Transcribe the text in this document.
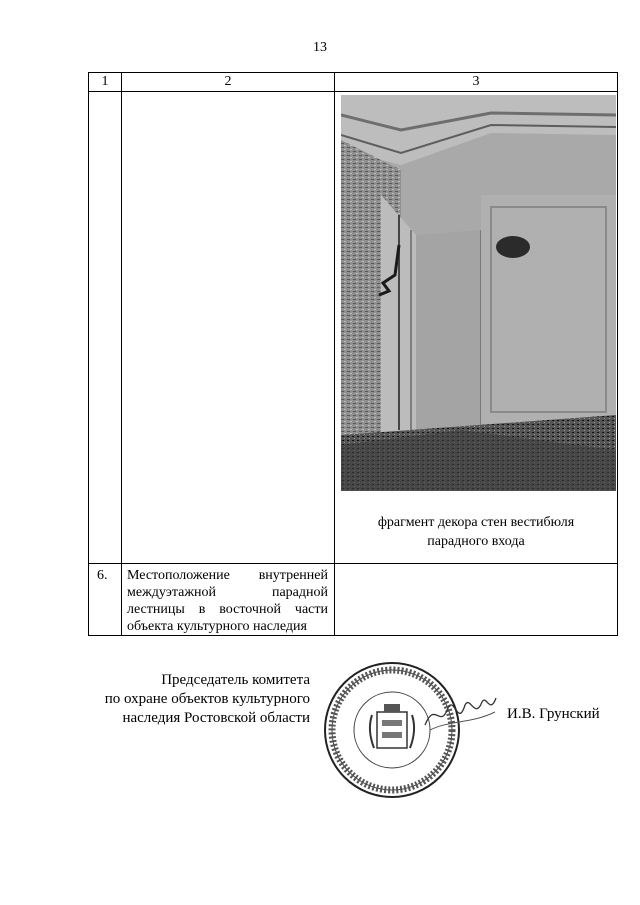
13
1	2	3

		фрагмент декора стен вестибюля парадного входа

6.	Местоположение внутренней междуэтажной парадной лестницы в восточной части объекта культурного наследия	

Председатель комитета
по охране объектов культурного
наследия Ростовской области	И.В. Грунский
